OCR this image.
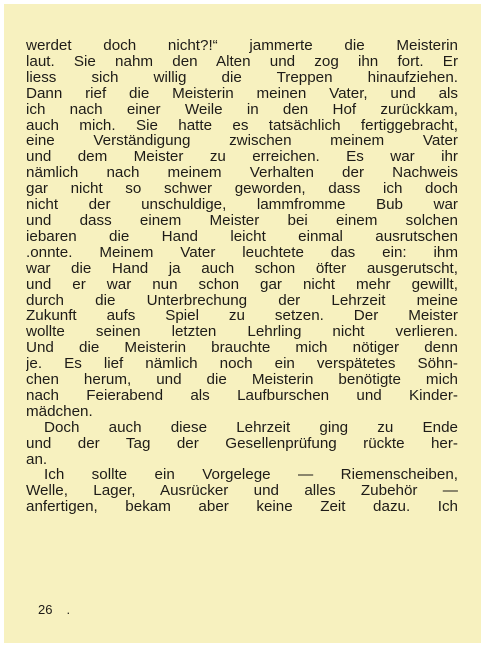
werdet doch nicht?!“ jammerte die Meisterin
laut. Sie nahm den Alten und zog ihn fort. Er
liess sich willig die Treppen hinaufziehen.
Dann rief die Meisterin meinen Vater, und als
ich nach einer Weile in den Hof zurückkam,
auch mich. Sie hatte es tatsächlich fertiggebracht,
eine Verständigung zwischen meinem Vater
und dem Meister zu erreichen. Es war ihr
nämlich nach meinem Verhalten der Nachweis
gar nicht so schwer geworden, dass ich doch
nicht der unschuldige, lammfromme Bub war
und dass einem Meister bei einem solchen
iebaren die Hand leicht einmal ausrutschen
.onnte. Meinem Vater leuchtete das ein: ihm
war die Hand ja auch schon öfter ausgerutscht,
und er war nun schon gar nicht mehr gewillt,
durch die Unterbrechung der Lehrzeit meine
Zukunft aufs Spiel zu setzen. Der Meister
wollte seinen letzten Lehrling nicht verlieren.
Und die Meisterin brauchte mich nötiger denn
je. Es lief nämlich noch ein verspätetes Söhn-
chen herum, und die Meisterin benötigte mich
nach Feierabend als Laufburschen und Kinder-
mädchen.
Doch auch diese Lehrzeit ging zu Ende
und der Tag der Gesellenprüfung rückte her-
an.
Ich sollte ein Vorgelege — Riemenscheiben,
Welle, Lager, Ausrücker und alles Zubehör —
anfertigen, bekam aber keine Zeit dazu. Ich
26 .
